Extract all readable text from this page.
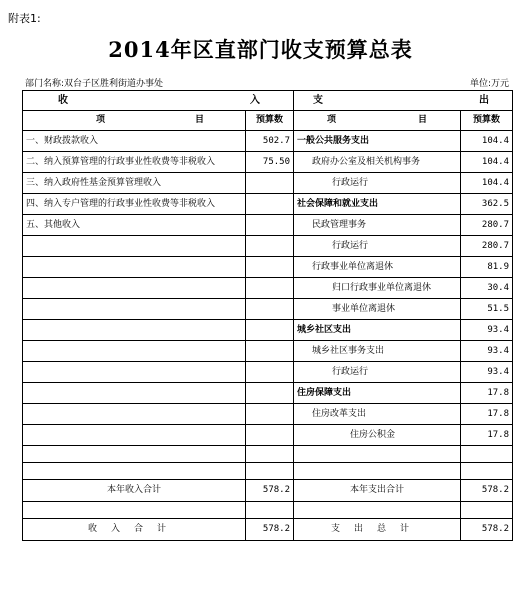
附表1:
2014年区直部门收支预算总表
部门名称:双台子区胜利街道办事处	单位:万元
收 入		支 出	

项 目	预算数	项 目	预算数
一、财政拨款收入	502.7	一般公共服务支出	104.4
二、纳入预算管理的行政事业性收费等非税收入	75.50	政府办公室及相关机构事务	104.4
三、纳入政府性基金预算管理收入		行政运行	104.4
四、纳入专户管理的行政事业性收费等非税收入		社会保障和就业支出	362.5
五、其他收入		民政管理事务	280.7
		行政运行	280.7
		行政事业单位离退休	81.9
		归口行政事业单位离退休	30.4
		事业单位离退休	51.5
		城乡社区支出	93.4
		城乡社区事务支出	93.4
		行政运行	93.4
		住房保障支出	17.8
		住房改革支出	17.8
		住房公积金	17.8

本年收入合计	578.2	本年支出合计	578.2

收入合计	578.2	支出总计	578.2
